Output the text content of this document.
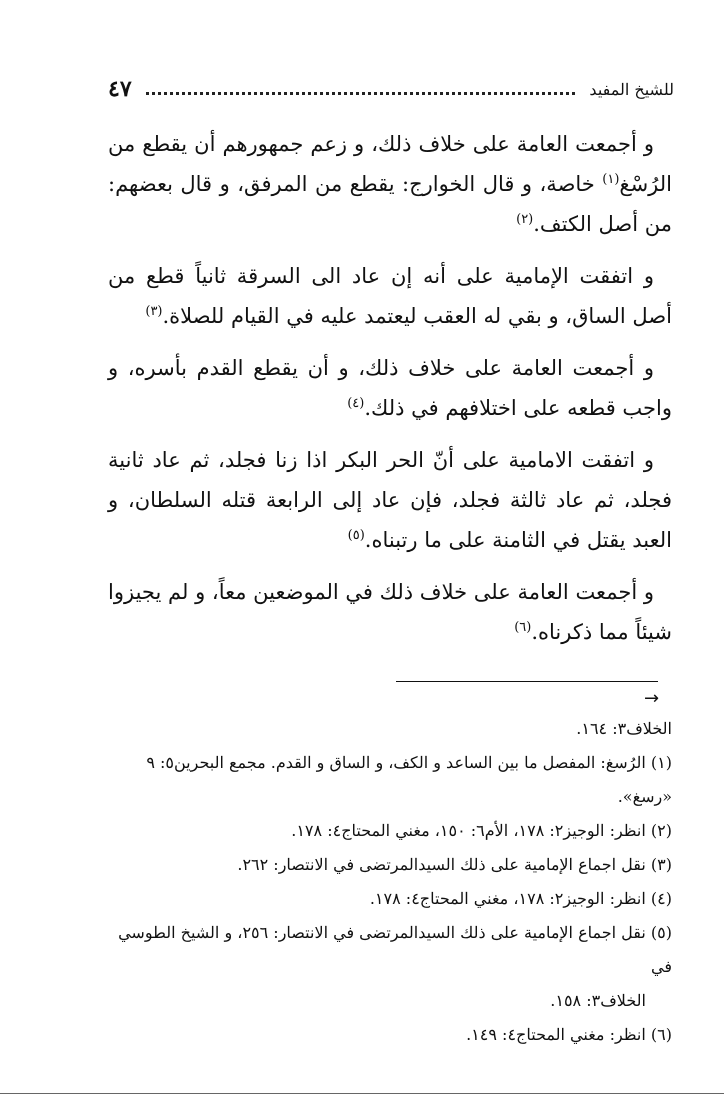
للشيخ المفيد
٤٧

و أجمعت العامة على خلاف ذلك، و زعم جمهورهم أن يقطع من الرُسْغ$^{(١)}$ خاصة، و قال الخوارج: يقطع من المرفق، و قال بعضهم: من أصل الكتف.$^{(٢)}$

و اتفقت الإمامية على أنه إن عاد الى السرقة ثانياً قطع من أصل الساق، و بقي له العقب ليعتمد عليه في القيام للصلاة.$^{(٣)}$

و أجمعت العامة على خلاف ذلك، و أن يقطع القدم بأسره، و واجب قطعه على اختلافهم في ذلك.$^{(٤)}$

و اتفقت الامامية على أنّ الحر البكر اذا زنا فجلد، ثم عاد ثانية فجلد، ثم عاد ثالثة فجلد، فإن عاد إلى الرابعة قتله السلطان، و العبد يقتل في الثامنة على ما رتبناه.$^{(٥)}$

و أجمعت العامة على خلاف ذلك في الموضعين معاً، و لم يجيزوا شيئاً مما ذكرناه.$^{(٦)}$

→
الخلاف٣: ١٦٤.
(١) الرُسغ: المفصل ما بين الساعد و الكف، و الساق و القدم. مجمع البحرين٥: ٩ «رسغ».
(٢) انظر: الوجيز٢: ١٧٨، الأم٦: ١٥٠، مغني المحتاج٤: ١٧٨.
(٣) نقل اجماع الإمامية على ذلك السيدالمرتضى في الانتصار: ٢٦٢.
(٤) انظر: الوجيز٢: ١٧٨، مغني المحتاج٤: ١٧٨.
(٥) نقل اجماع الإمامية على ذلك السيدالمرتضى في الانتصار: ٢٥٦، و الشيخ الطوسي في
الخلاف٣: ١٥٨.
(٦) انظر: مغني المحتاج٤: ١٤٩.
